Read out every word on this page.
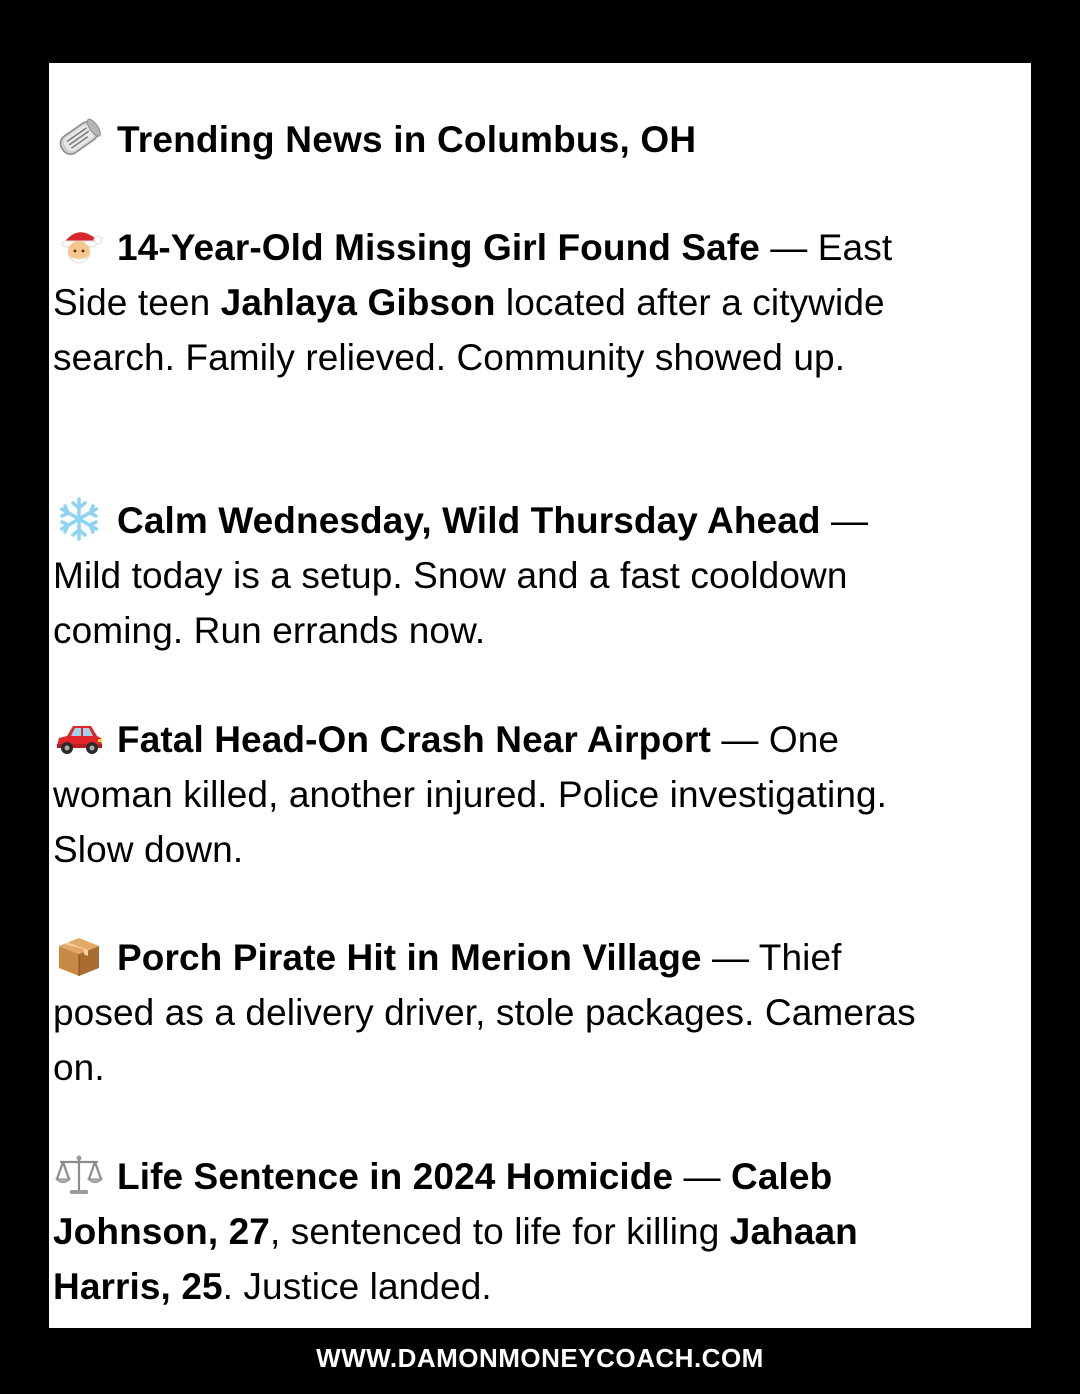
Trending News in Columbus, OH
14-Year-Old Missing Girl Found Safe — East Side teen Jahlaya Gibson located after a citywide search. Family relieved. Community showed up.
Calm Wednesday, Wild Thursday Ahead — Mild today is a setup. Snow and a fast cooldown coming. Run errands now.
Fatal Head-On Crash Near Airport — One woman killed, another injured. Police investigating. Slow down.
Porch Pirate Hit in Merion Village — Thief posed as a delivery driver, stole packages. Cameras on.
Life Sentence in 2024 Homicide — Caleb Johnson, 27, sentenced to life for killing Jahaan Harris, 25. Justice landed.
WWW.DAMONMONEYCOACH.COM
